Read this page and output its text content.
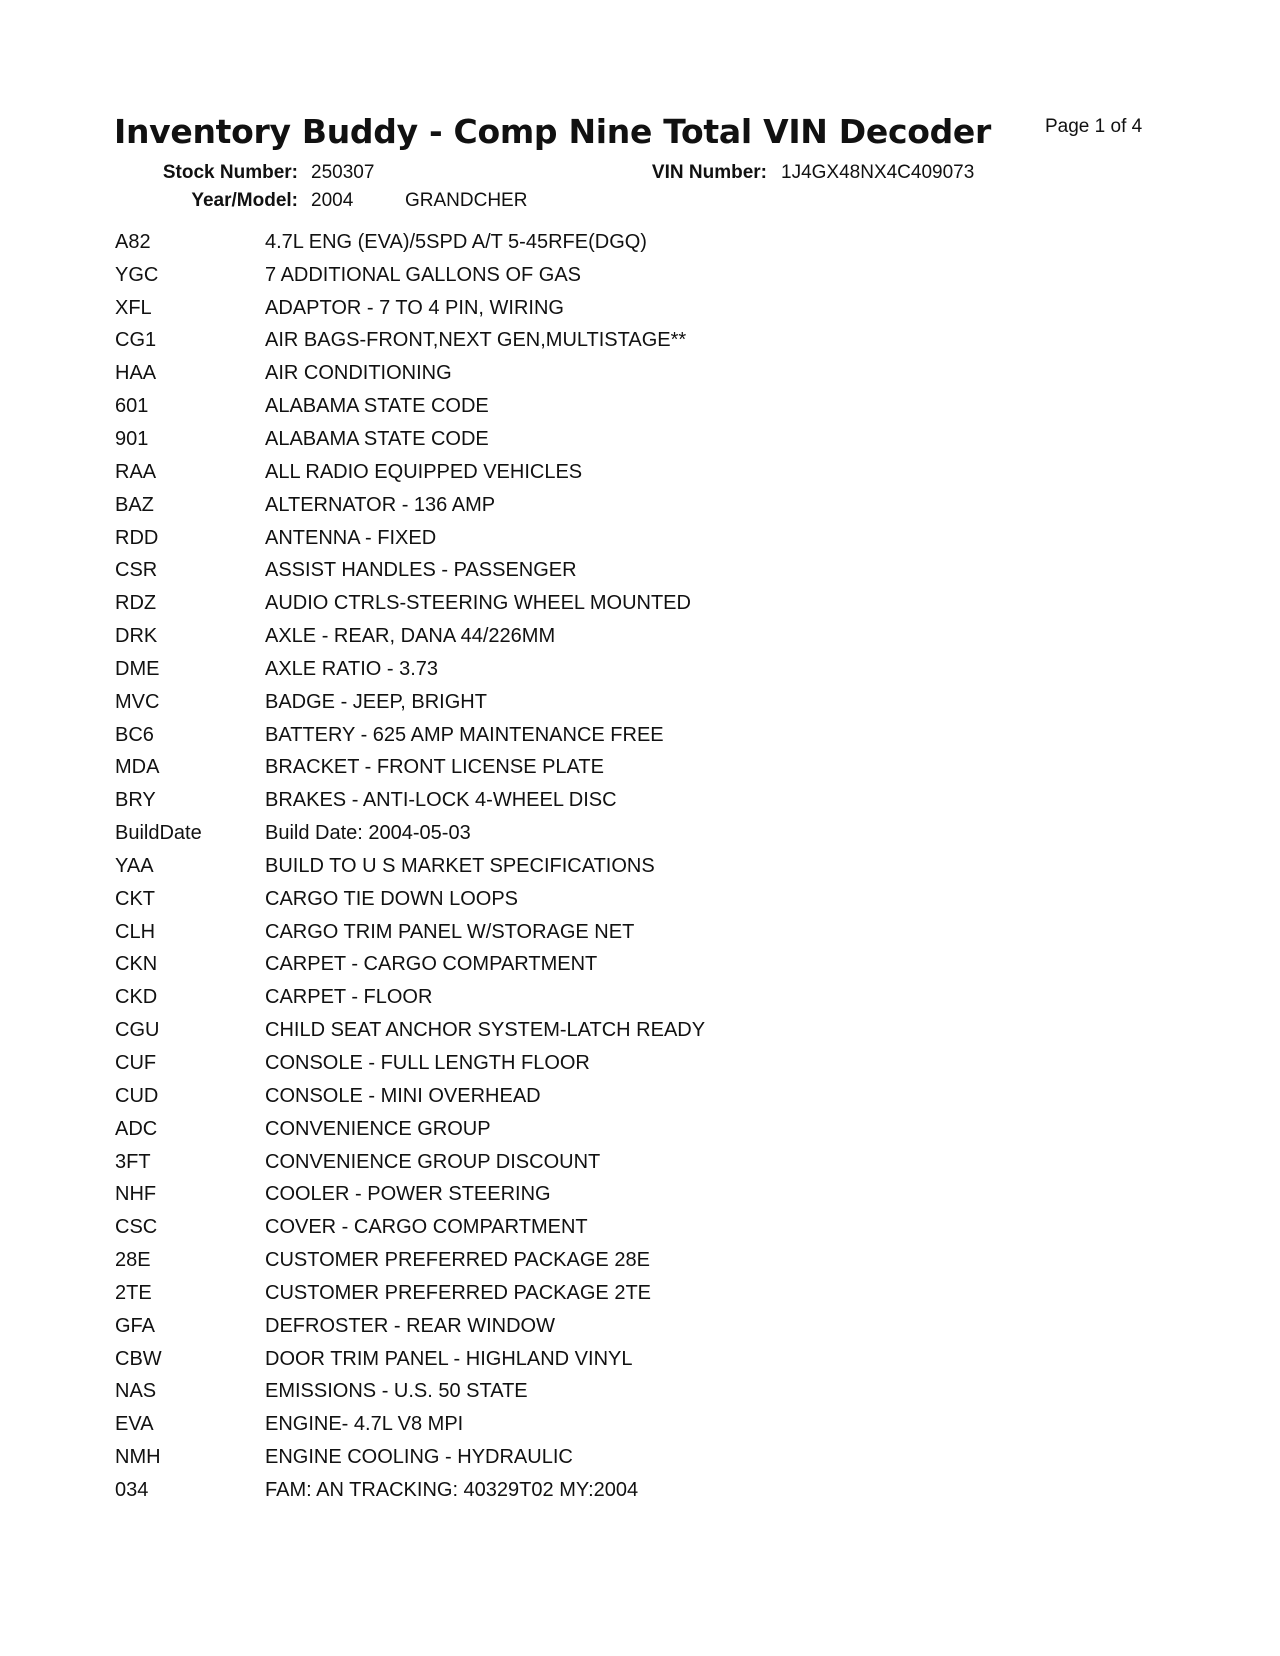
Inventory Buddy - Comp Nine Total VIN Decoder	Page 1 of 4
Stock Number: 250307
Year/Model: 2004	GRANDCHER
VIN Number: 1J4GX48NX4C409073
A82	4.7L ENG (EVA)/5SPD A/T 5-45RFE(DGQ)
YGC	7 ADDITIONAL GALLONS OF GAS
XFL	ADAPTOR - 7 TO 4 PIN, WIRING
CG1	AIR BAGS-FRONT,NEXT GEN,MULTISTAGE**
HAA	AIR CONDITIONING
601	ALABAMA STATE CODE
901	ALABAMA STATE CODE
RAA	ALL RADIO EQUIPPED VEHICLES
BAZ	ALTERNATOR - 136 AMP
RDD	ANTENNA - FIXED
CSR	ASSIST HANDLES - PASSENGER
RDZ	AUDIO CTRLS-STEERING WHEEL MOUNTED
DRK	AXLE - REAR, DANA 44/226MM
DME	AXLE RATIO - 3.73
MVC	BADGE - JEEP, BRIGHT
BC6	BATTERY - 625 AMP MAINTENANCE FREE
MDA	BRACKET - FRONT LICENSE PLATE
BRY	BRAKES - ANTI-LOCK 4-WHEEL DISC
BuildDate	Build Date: 2004-05-03
YAA	BUILD TO U S MARKET SPECIFICATIONS
CKT	CARGO TIE DOWN LOOPS
CLH	CARGO TRIM PANEL W/STORAGE NET
CKN	CARPET - CARGO COMPARTMENT
CKD	CARPET - FLOOR
CGU	CHILD SEAT ANCHOR SYSTEM-LATCH READY
CUF	CONSOLE - FULL LENGTH FLOOR
CUD	CONSOLE - MINI OVERHEAD
ADC	CONVENIENCE GROUP
3FT	CONVENIENCE GROUP DISCOUNT
NHF	COOLER - POWER STEERING
CSC	COVER - CARGO COMPARTMENT
28E	CUSTOMER PREFERRED PACKAGE 28E
2TE	CUSTOMER PREFERRED PACKAGE 2TE
GFA	DEFROSTER - REAR WINDOW
CBW	DOOR TRIM PANEL - HIGHLAND VINYL
NAS	EMISSIONS - U.S. 50 STATE
EVA	ENGINE- 4.7L V8 MPI
NMH	ENGINE COOLING - HYDRAULIC
034	FAM: AN TRACKING: 40329T02 MY:2004
